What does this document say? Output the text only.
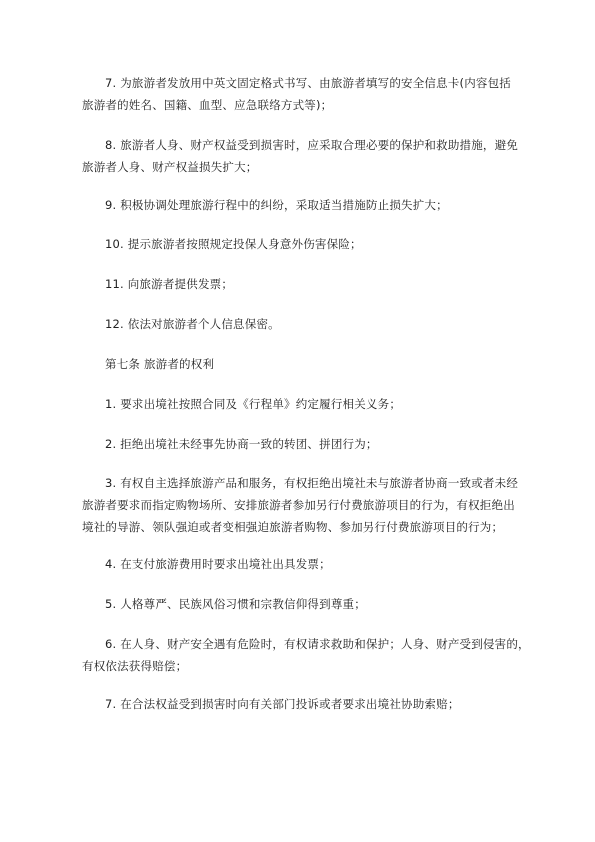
7. 为旅游者发放用中英文固定格式书写、由旅游者填写的安全信息卡(内容包括
旅游者的姓名、国籍、血型、应急联络方式等)；

8. 旅游者人身、财产权益受到损害时，应采取合理必要的保护和救助措施，避免
旅游者人身、财产权益损失扩大；

9. 积极协调处理旅游行程中的纠纷，采取适当措施防止损失扩大；

10. 提示旅游者按照规定投保人身意外伤害保险；

11. 向旅游者提供发票；

12. 依法对旅游者个人信息保密。

第七条 旅游者的权利

1. 要求出境社按照合同及《行程单》约定履行相关义务；

2. 拒绝出境社未经事先协商一致的转团、拼团行为；

3. 有权自主选择旅游产品和服务，有权拒绝出境社未与旅游者协商一致或者未经
旅游者要求而指定购物场所、安排旅游者参加另行付费旅游项目的行为，有权拒绝出
境社的导游、领队强迫或者变相强迫旅游者购物、参加另行付费旅游项目的行为；

4. 在支付旅游费用时要求出境社出具发票；

5. 人格尊严、民族风俗习惯和宗教信仰得到尊重；

6. 在人身、财产安全遇有危险时，有权请求救助和保护；人身、财产受到侵害的，
有权依法获得赔偿；

7. 在合法权益受到损害时向有关部门投诉或者要求出境社协助索赔；
